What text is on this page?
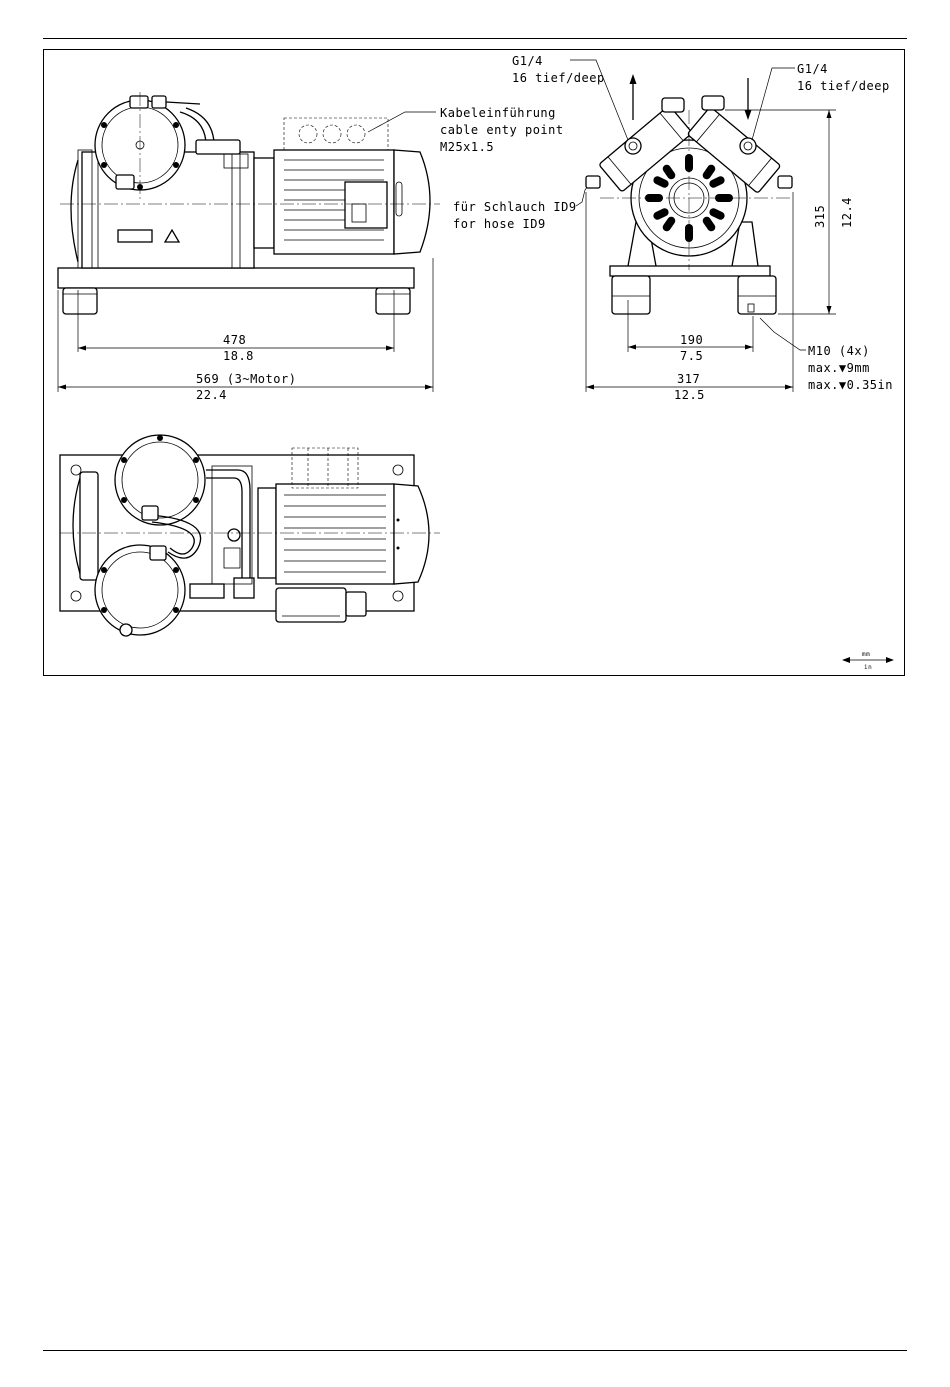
478
18.8
569 (3~Motor)
22.4
Kabeleinführung
cable enty point
M25x1.5
für Schlauch ID9
for hose ID9
G1/4
16 tief/deep
G1/4
16 tief/deep
190
7.5
317
12.5
315 12.4
M10 (4x)
max.▼9mm
max.▼0.35in
mm
in
